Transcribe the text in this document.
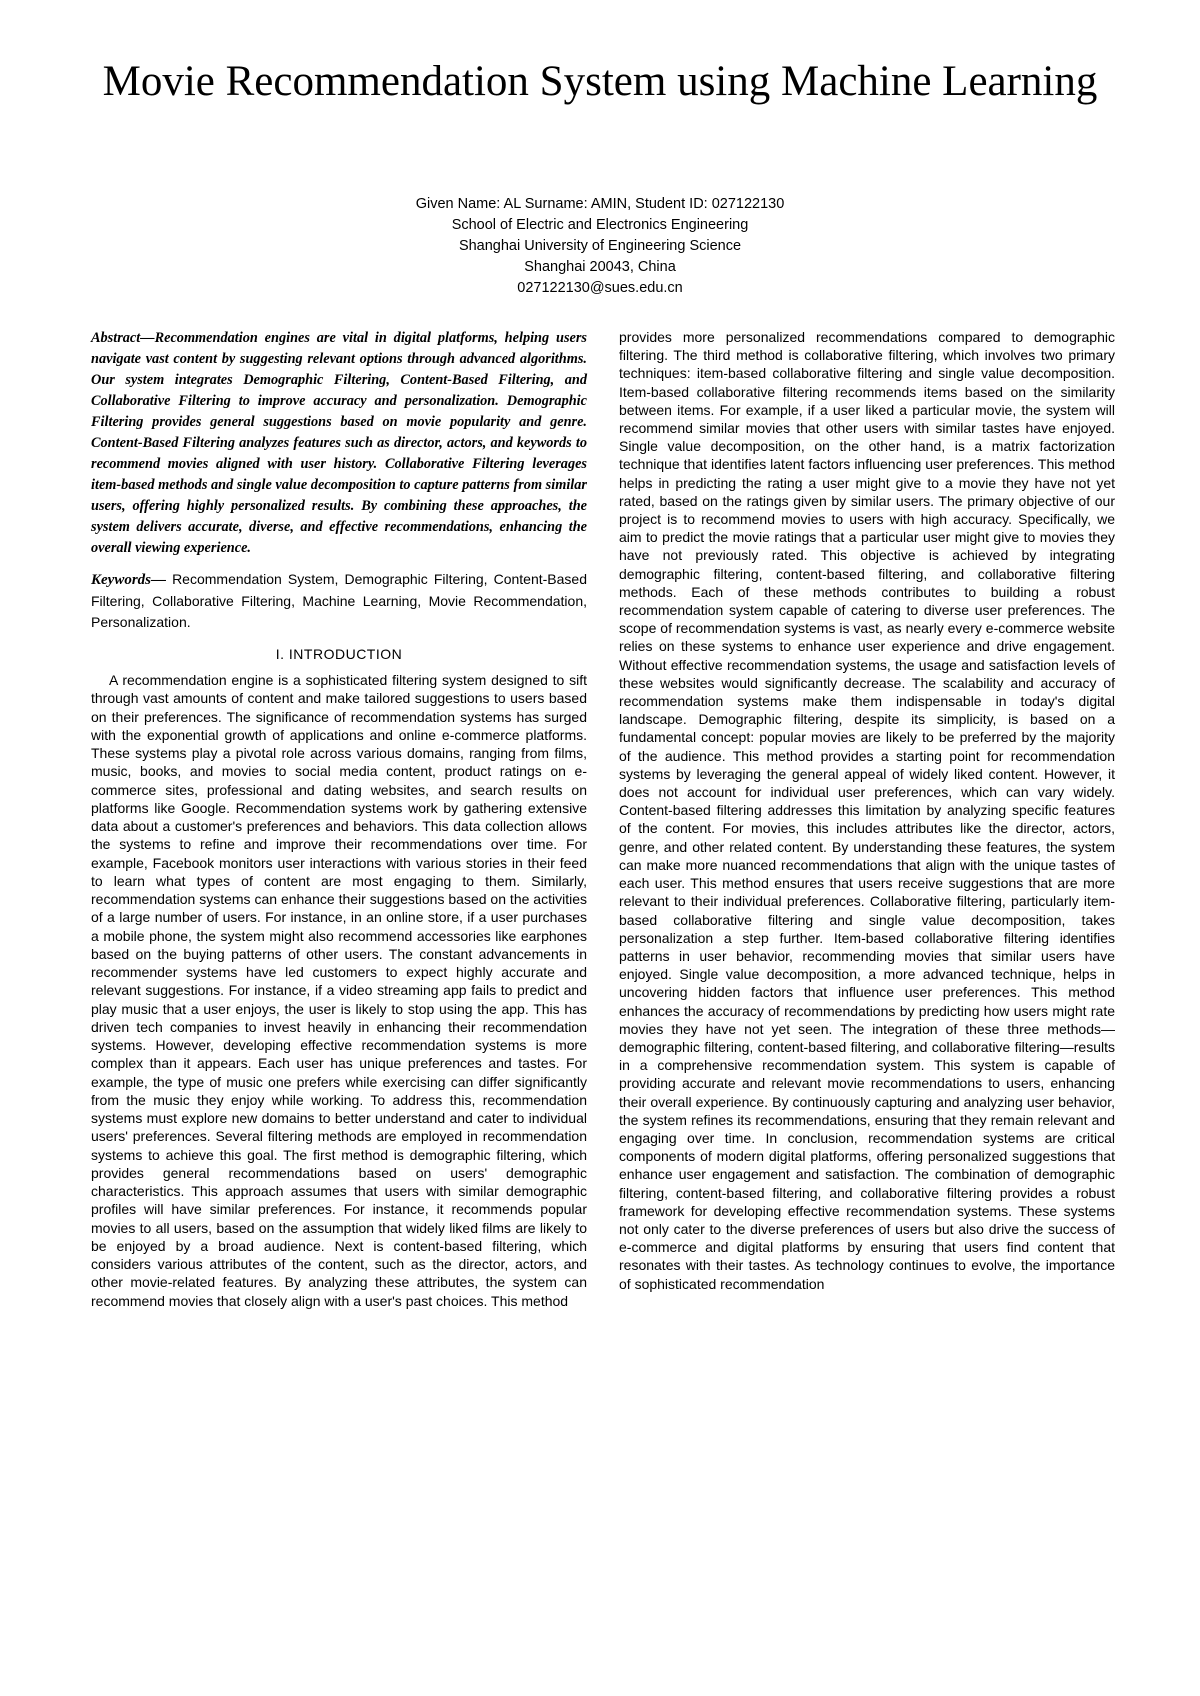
Movie Recommendation System using Machine Learning
Given Name: AL Surname: AMIN, Student ID: 027122130
School of Electric and Electronics Engineering
Shanghai University of Engineering Science
Shanghai 20043, China
027122130@sues.edu.cn

Abstract—Recommendation engines are vital in digital platforms, helping users navigate vast content by suggesting relevant options through advanced algorithms. Our system integrates Demographic Filtering, Content-Based Filtering, and Collaborative Filtering to improve accuracy and personalization. Demographic Filtering provides general suggestions based on movie popularity and genre. Content-Based Filtering analyzes features such as director, actors, and keywords to recommend movies aligned with user history. Collaborative Filtering leverages item-based methods and single value decomposition to capture patterns from similar users, offering highly personalized results. By combining these approaches, the system delivers accurate, diverse, and effective recommendations, enhancing the overall viewing experience.

Keywords— Recommendation System, Demographic Filtering, Content-Based Filtering, Collaborative Filtering, Machine Learning, Movie Recommendation, Personalization.

I. INTRODUCTION

A recommendation engine is a sophisticated filtering system designed to sift through vast amounts of content and make tailored suggestions to users based on their preferences. The significance of recommendation systems has surged with the exponential growth of applications and online e-commerce platforms. These systems play a pivotal role across various domains, ranging from films, music, books, and movies to social media content, product ratings on e-commerce sites, professional and dating websites, and search results on platforms like Google. Recommendation systems work by gathering extensive data about a customer's preferences and behaviors. This data collection allows the systems to refine and improve their recommendations over time. For example, Facebook monitors user interactions with various stories in their feed to learn what types of content are most engaging to them. Similarly, recommendation systems can enhance their suggestions based on the activities of a large number of users. For instance, in an online store, if a user purchases a mobile phone, the system might also recommend accessories like earphones based on the buying patterns of other users. The constant advancements in recommender systems have led customers to expect highly accurate and relevant suggestions. For instance, if a video streaming app fails to predict and play music that a user enjoys, the user is likely to stop using the app. This has driven tech companies to invest heavily in enhancing their recommendation systems. However, developing effective recommendation systems is more complex than it appears. Each user has unique preferences and tastes. For example, the type of music one prefers while exercising can differ significantly from the music they enjoy while working. To address this, recommendation systems must explore new domains to better understand and cater to individual users' preferences. Several filtering methods are employed in recommendation systems to achieve this goal. The first method is demographic filtering, which provides general recommendations based on users' demographic characteristics. This approach assumes that users with similar demographic profiles will have similar preferences. For instance, it recommends popular movies to all users, based on the assumption that widely liked films are likely to be enjoyed by a broad audience. Next is content-based filtering, which considers various attributes of the content, such as the director, actors, and other movie-related features. By analyzing these attributes, the system can recommend movies that closely align with a user's past choices. This method

provides more personalized recommendations compared to demographic filtering. The third method is collaborative filtering, which involves two primary techniques: item-based collaborative filtering and single value decomposition. Item-based collaborative filtering recommends items based on the similarity between items. For example, if a user liked a particular movie, the system will recommend similar movies that other users with similar tastes have enjoyed. Single value decomposition, on the other hand, is a matrix factorization technique that identifies latent factors influencing user preferences. This method helps in predicting the rating a user might give to a movie they have not yet rated, based on the ratings given by similar users. The primary objective of our project is to recommend movies to users with high accuracy. Specifically, we aim to predict the movie ratings that a particular user might give to movies they have not previously rated. This objective is achieved by integrating demographic filtering, content-based filtering, and collaborative filtering methods. Each of these methods contributes to building a robust recommendation system capable of catering to diverse user preferences. The scope of recommendation systems is vast, as nearly every e-commerce website relies on these systems to enhance user experience and drive engagement. Without effective recommendation systems, the usage and satisfaction levels of these websites would significantly decrease. The scalability and accuracy of recommendation systems make them indispensable in today's digital landscape. Demographic filtering, despite its simplicity, is based on a fundamental concept: popular movies are likely to be preferred by the majority of the audience. This method provides a starting point for recommendation systems by leveraging the general appeal of widely liked content. However, it does not account for individual user preferences, which can vary widely. Content-based filtering addresses this limitation by analyzing specific features of the content. For movies, this includes attributes like the director, actors, genre, and other related content. By understanding these features, the system can make more nuanced recommendations that align with the unique tastes of each user. This method ensures that users receive suggestions that are more relevant to their individual preferences. Collaborative filtering, particularly item-based collaborative filtering and single value decomposition, takes personalization a step further. Item-based collaborative filtering identifies patterns in user behavior, recommending movies that similar users have enjoyed. Single value decomposition, a more advanced technique, helps in uncovering hidden factors that influence user preferences. This method enhances the accuracy of recommendations by predicting how users might rate movies they have not yet seen. The integration of these three methods—demographic filtering, content-based filtering, and collaborative filtering—results in a comprehensive recommendation system. This system is capable of providing accurate and relevant movie recommendations to users, enhancing their overall experience. By continuously capturing and analyzing user behavior, the system refines its recommendations, ensuring that they remain relevant and engaging over time. In conclusion, recommendation systems are critical components of modern digital platforms, offering personalized suggestions that enhance user engagement and satisfaction. The combination of demographic filtering, content-based filtering, and collaborative filtering provides a robust framework for developing effective recommendation systems. These systems not only cater to the diverse preferences of users but also drive the success of e-commerce and digital platforms by ensuring that users find content that resonates with their tastes. As technology continues to evolve, the importance of sophisticated recommendation
